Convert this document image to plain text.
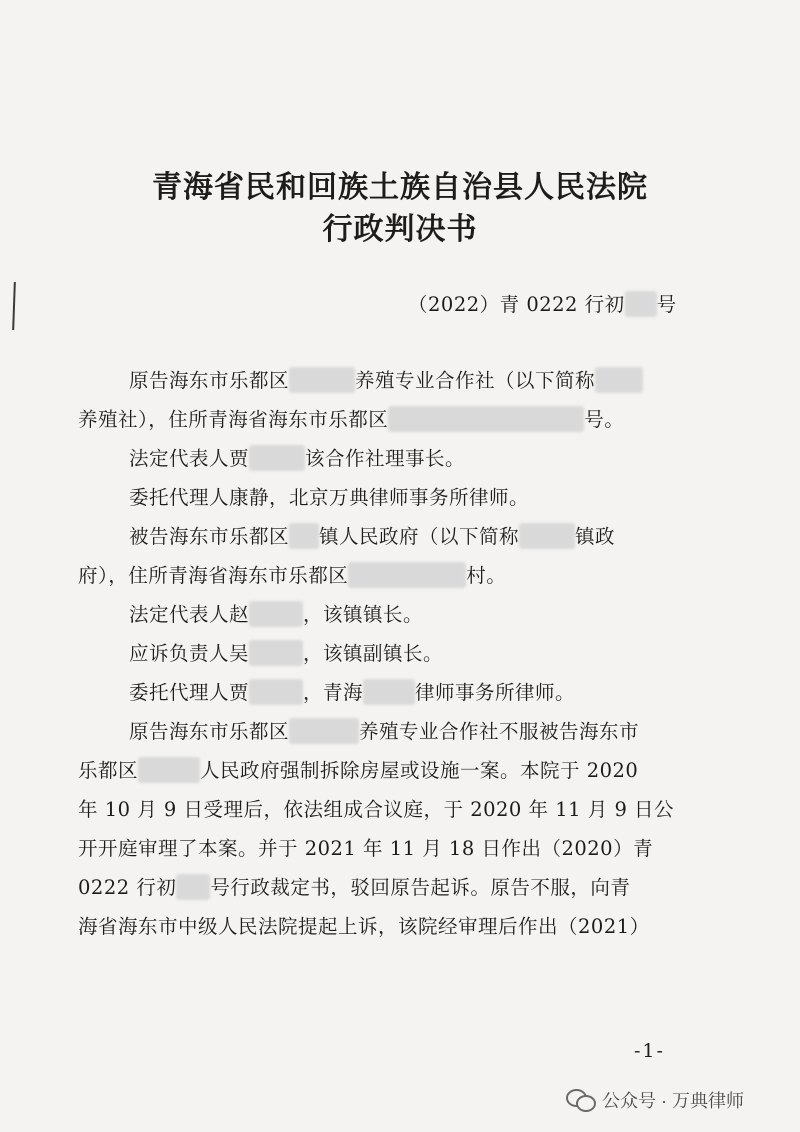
青海省民和回族土族自治县人民法院
行政判决书
（2022）青 0222 行初 号
原告海东市乐都区	养殖专业合作社（以下简称
养殖社），住所青海省海东市乐都区	号。
法定代表人贾	该合作社理事长。
委托代理人康静，北京万典律师事务所律师。
被告海东市乐都区 镇人民政府（以下简称	镇政
府），住所青海省海东市乐都区	村。
法定代表人赵	，该镇镇长。
应诉负责人吴	，该镇副镇长。
委托代理人贾	，青海	律师事务所律师。
原告海东市乐都区	养殖专业合作社不服被告海东市
乐都区	人民政府强制拆除房屋或设施一案。本院于 2020
年 10 月 9 日受理后，依法组成合议庭，于 2020 年 11 月 9 日公
开开庭审理了本案。并于 2021 年 11 月 18 日作出（2020）青
0222 行初 号行政裁定书，驳回原告起诉。原告不服，向青
海省海东市中级人民法院提起上诉，该院经审理后作出（2021）
-1-
公众号 · 万典律师
